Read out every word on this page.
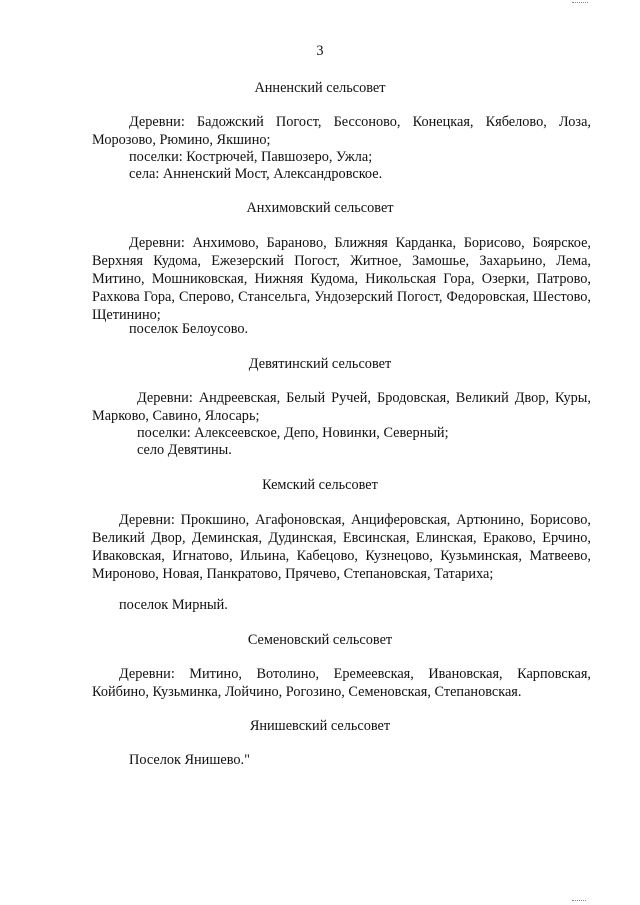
3
Анненский сельсовет
Деревни: Бадожский Погост, Бессоново, Конецкая, Кябелово, Лоза, Морозово, Рюмино, Якшино;
поселки: Кострючей, Павшозеро, Ужла;
села: Анненский Мост, Александровское.
Анхимовский сельсовет
Деревни: Анхимово, Бараново, Ближняя Карданка, Борисово, Боярское, Верхняя Кудома, Ежезерский Погост, Житное, Замошье, Захарьино, Лема, Митино, Мошниковская, Нижняя Кудома, Никольская Гора, Озерки, Патрово, Рахкова Гора, Сперово, Стансельга, Ундозерский Погост, Федоровская, Шестово, Щетинино;
поселок Белоусово.
Девятинский сельсовет
Деревни: Андреевская, Белый Ручей, Бродовская, Великий Двор, Куры, Марково, Савино, Ялосарь;
поселки: Алексеевское, Депо, Новинки, Северный;
село Девятины.
Кемский сельсовет
Деревни: Прокшино, Агафоновская, Анциферовская, Артюнино, Борисово, Великий Двор, Деминская, Дудинская, Евсинская, Елинская, Ераково, Ерчино, Иваковская, Игнатово, Ильина, Кабецово, Кузнецово, Кузьминская, Матвеево, Мироново, Новая, Панкратово, Прячево, Степановская, Татариха;
поселок Мирный.
Семеновский сельсовет
Деревни: Митино, Вотолино, Еремеевская, Ивановская, Карповская, Койбино, Кузьминка, Лойчино, Рогозино, Семеновская, Степановская.
Янишевский сельсовет
Поселок Янишево."
